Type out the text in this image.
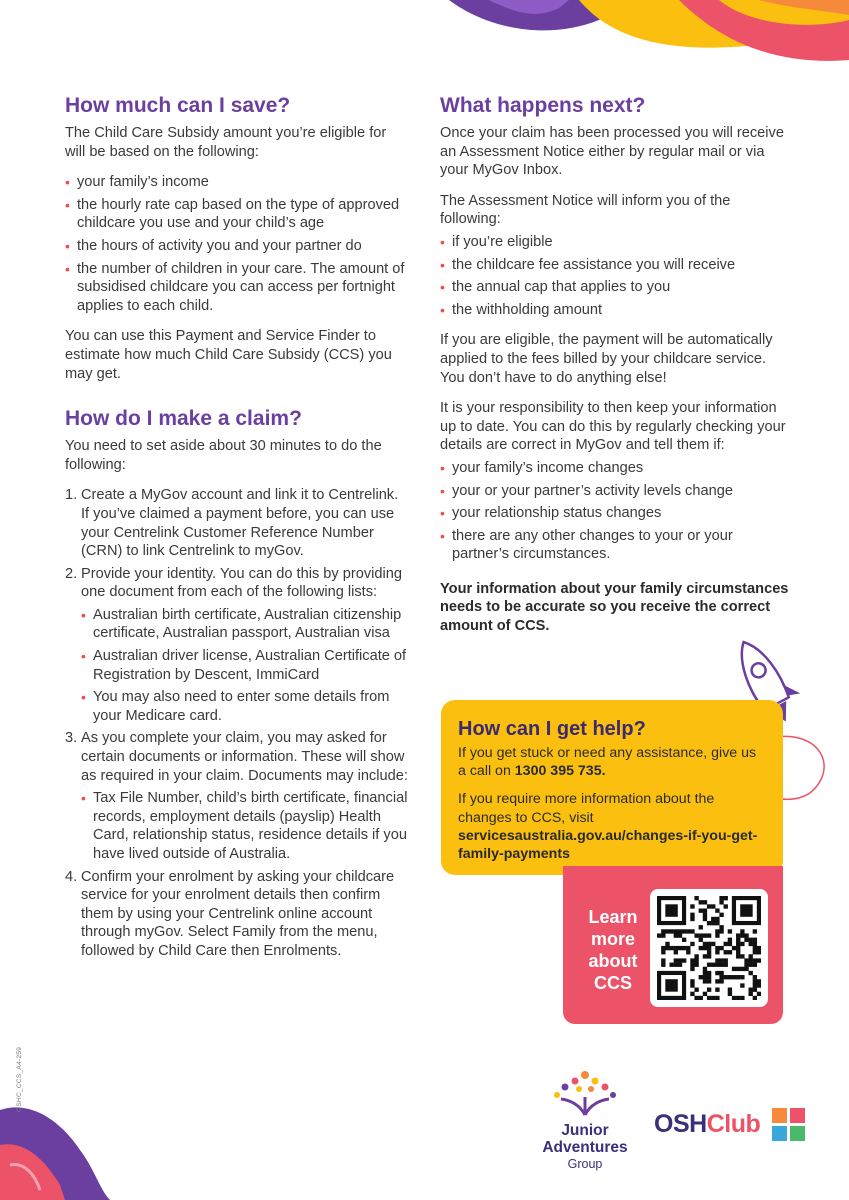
How much can I save?

The Child Care Subsidy amount you’re eligible for will be based on the following:

• your family’s income
• the hourly rate cap based on the type of approved childcare you use and your child’s age
• the hours of activity you and your partner do
• the number of children in your care. The amount of subsidised childcare you can access per fortnight applies to each child.

You can use this Payment and Service Finder to estimate how much Child Care Subsidy (CCS) you may get.

How do I make a claim?

You need to set aside about 30 minutes to do the following:

1. Create a MyGov account and link it to Centrelink. If you’ve claimed a payment before, you can use your Centrelink Customer Reference Number (CRN) to link Centrelink to myGov.
2. Provide your identity. You can do this by providing one document from each of the following lists:
• Australian birth certificate, Australian citizenship certificate, Australian passport, Australian visa
• Australian driver license, Australian Certificate of Registration by Descent, ImmiCard
• You may also need to enter some details from your Medicare card.
3. As you complete your claim, you may asked for certain documents or information. These will show as required in your claim. Documents may include:
• Tax File Number, child’s birth certificate, financial records, employment details (payslip) Health Card, relationship status, residence details if you have lived outside of Australia.
4. Confirm your enrolment by asking your childcare service for your enrolment details then confirm them by using your Centrelink online account through myGov. Select Family from the menu, followed by Child Care then Enrolments.
What happens next?

Once your claim has been processed you will receive an Assessment Notice either by regular mail or via your MyGov Inbox.

The Assessment Notice will inform you of the following:

• if you’re eligible
• the childcare fee assistance you will receive
• the annual cap that applies to you
• the withholding amount

If you are eligible, the payment will be automatically applied to the fees billed by your childcare service. You don’t have to do anything else!

It is your responsibility to then keep your information up to date. You can do this by regularly checking your details are correct in MyGov and tell them if:

• your family’s income changes
• your or your partner’s activity levels change
• your relationship status changes
• there are any other changes to your or your partner’s circumstances.

Your information about your family circumstances needs to be accurate so you receive the correct amount of CCS.

How can I get help?

If you get stuck or need any assistance, give us a call on 1300 395 735.

If you require more information about the changes to CCS, visit servicesaustralia.gov.au/changes-if-you-get-family-payments

Learn
more
about
CCS
OSHC_CCS_A4-259
Junior
Adventures
Group
OSHClub
